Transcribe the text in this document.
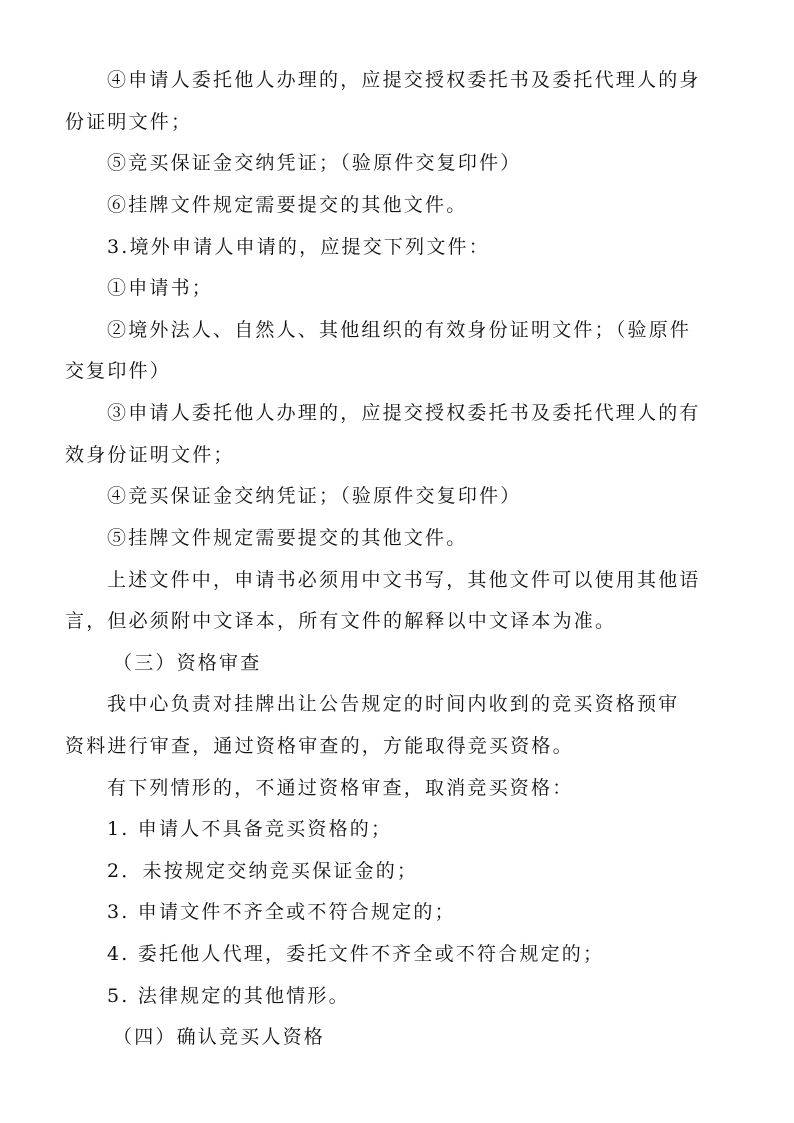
④申请人委托他人办理的，应提交授权委托书及委托代理人的身
份证明文件；
⑤竞买保证金交纳凭证；（验原件交复印件）
⑥挂牌文件规定需要提交的其他文件。
3.境外申请人申请的，应提交下列文件：
①申请书；
②境外法人、自然人、其他组织的有效身份证明文件；（验原件
交复印件）
③申请人委托他人办理的，应提交授权委托书及委托代理人的有
效身份证明文件；
④竞买保证金交纳凭证；（验原件交复印件）
⑤挂牌文件规定需要提交的其他文件。
上述文件中，申请书必须用中文书写，其他文件可以使用其他语
言，但必须附中文译本，所有文件的解释以中文译本为准。
（三）资格审查
我中心负责对挂牌出让公告规定的时间内收到的竞买资格预审
资料进行审查，通过资格审查的，方能取得竞买资格。
有下列情形的，不通过资格审查，取消竞买资格：
1. 申请人不具备竞买资格的；
2．未按规定交纳竞买保证金的；
3. 申请文件不齐全或不符合规定的；
4. 委托他人代理，委托文件不齐全或不符合规定的；
5. 法律规定的其他情形。
（四）确认竞买人资格
